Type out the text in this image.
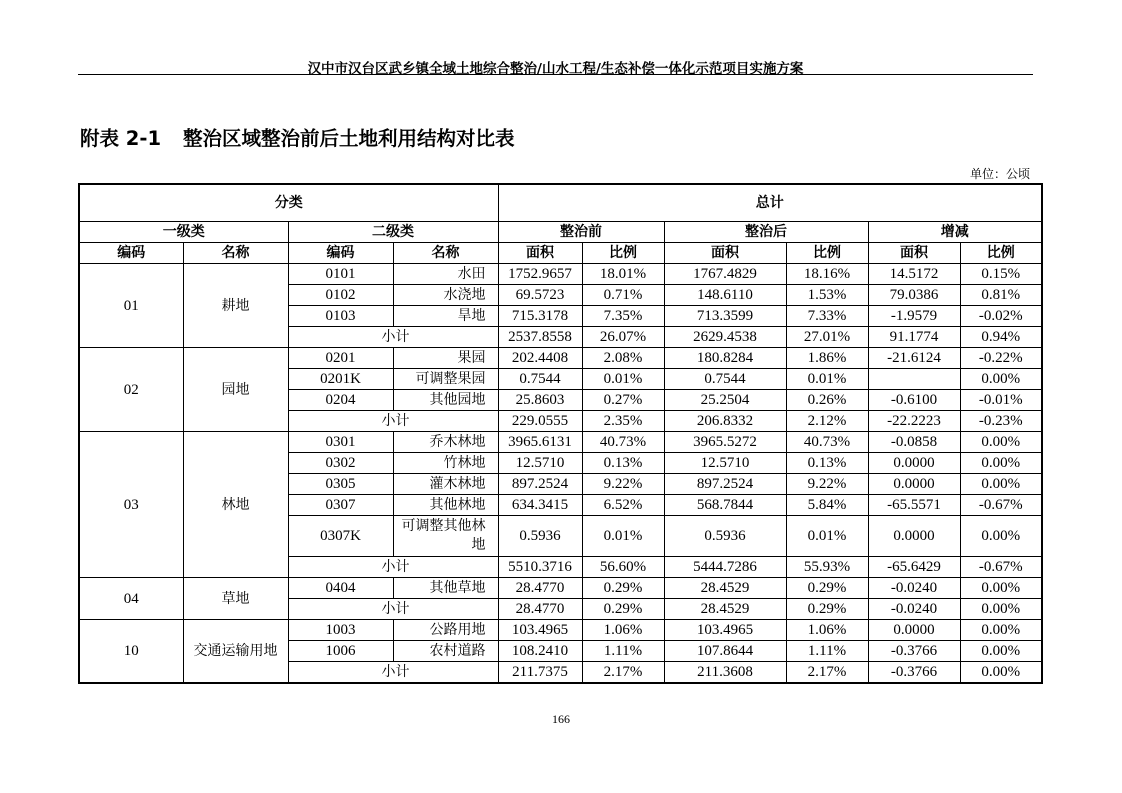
汉中市汉台区武乡镇全域土地综合整治/山水工程/生态补偿一体化示范项目实施方案
附表 2-1 整治区域整治前后土地利用结构对比表
单位：公顷
分类				总计					
一级类		二级类		整治前		整治后		增减	
编码	名称	编码	名称	面积	比例	面积	比例	面积	比例
01	耕地	0101	水田	1752.9657	18.01%	1767.4829	18.16%	14.5172	0.15%
		0102	水浇地	69.5723	0.71%	148.6110	1.53%	79.0386	0.81%
		0103	旱地	715.3178	7.35%	713.3599	7.33%	-1.9579	-0.02%
		小计		2537.8558	26.07%	2629.4538	27.01%	91.1774	0.94%
02	园地	0201	果园	202.4408	2.08%	180.8284	1.86%	-21.6124	-0.22%
		0201K	可调整果园	0.7544	0.01%	0.7544	0.01%		0.00%
		0204	其他园地	25.8603	0.27%	25.2504	0.26%	-0.6100	-0.01%
		小计		229.0555	2.35%	206.8332	2.12%	-22.2223	-0.23%
03	林地	0301	乔木林地	3965.6131	40.73%	3965.5272	40.73%	-0.0858	0.00%
		0302	竹林地	12.5710	0.13%	12.5710	0.13%	0.0000	0.00%
		0305	灌木林地	897.2524	9.22%	897.2524	9.22%	0.0000	0.00%
		0307	其他林地	634.3415	6.52%	568.7844	5.84%	-65.5571	-0.67%
		0307K	可调整其他林地	0.5936	0.01%	0.5936	0.01%	0.0000	0.00%
		小计		5510.3716	56.60%	5444.7286	55.93%	-65.6429	-0.67%
04	草地	0404	其他草地	28.4770	0.29%	28.4529	0.29%	-0.0240	0.00%
		小计		28.4770	0.29%	28.4529	0.29%	-0.0240	0.00%
10	交通运输用地	1003	公路用地	103.4965	1.06%	103.4965	1.06%	0.0000	0.00%
		1006	农村道路	108.2410	1.11%	107.8644	1.11%	-0.3766	0.00%
		小计		211.7375	2.17%	211.3608	2.17%	-0.3766	0.00%
166
